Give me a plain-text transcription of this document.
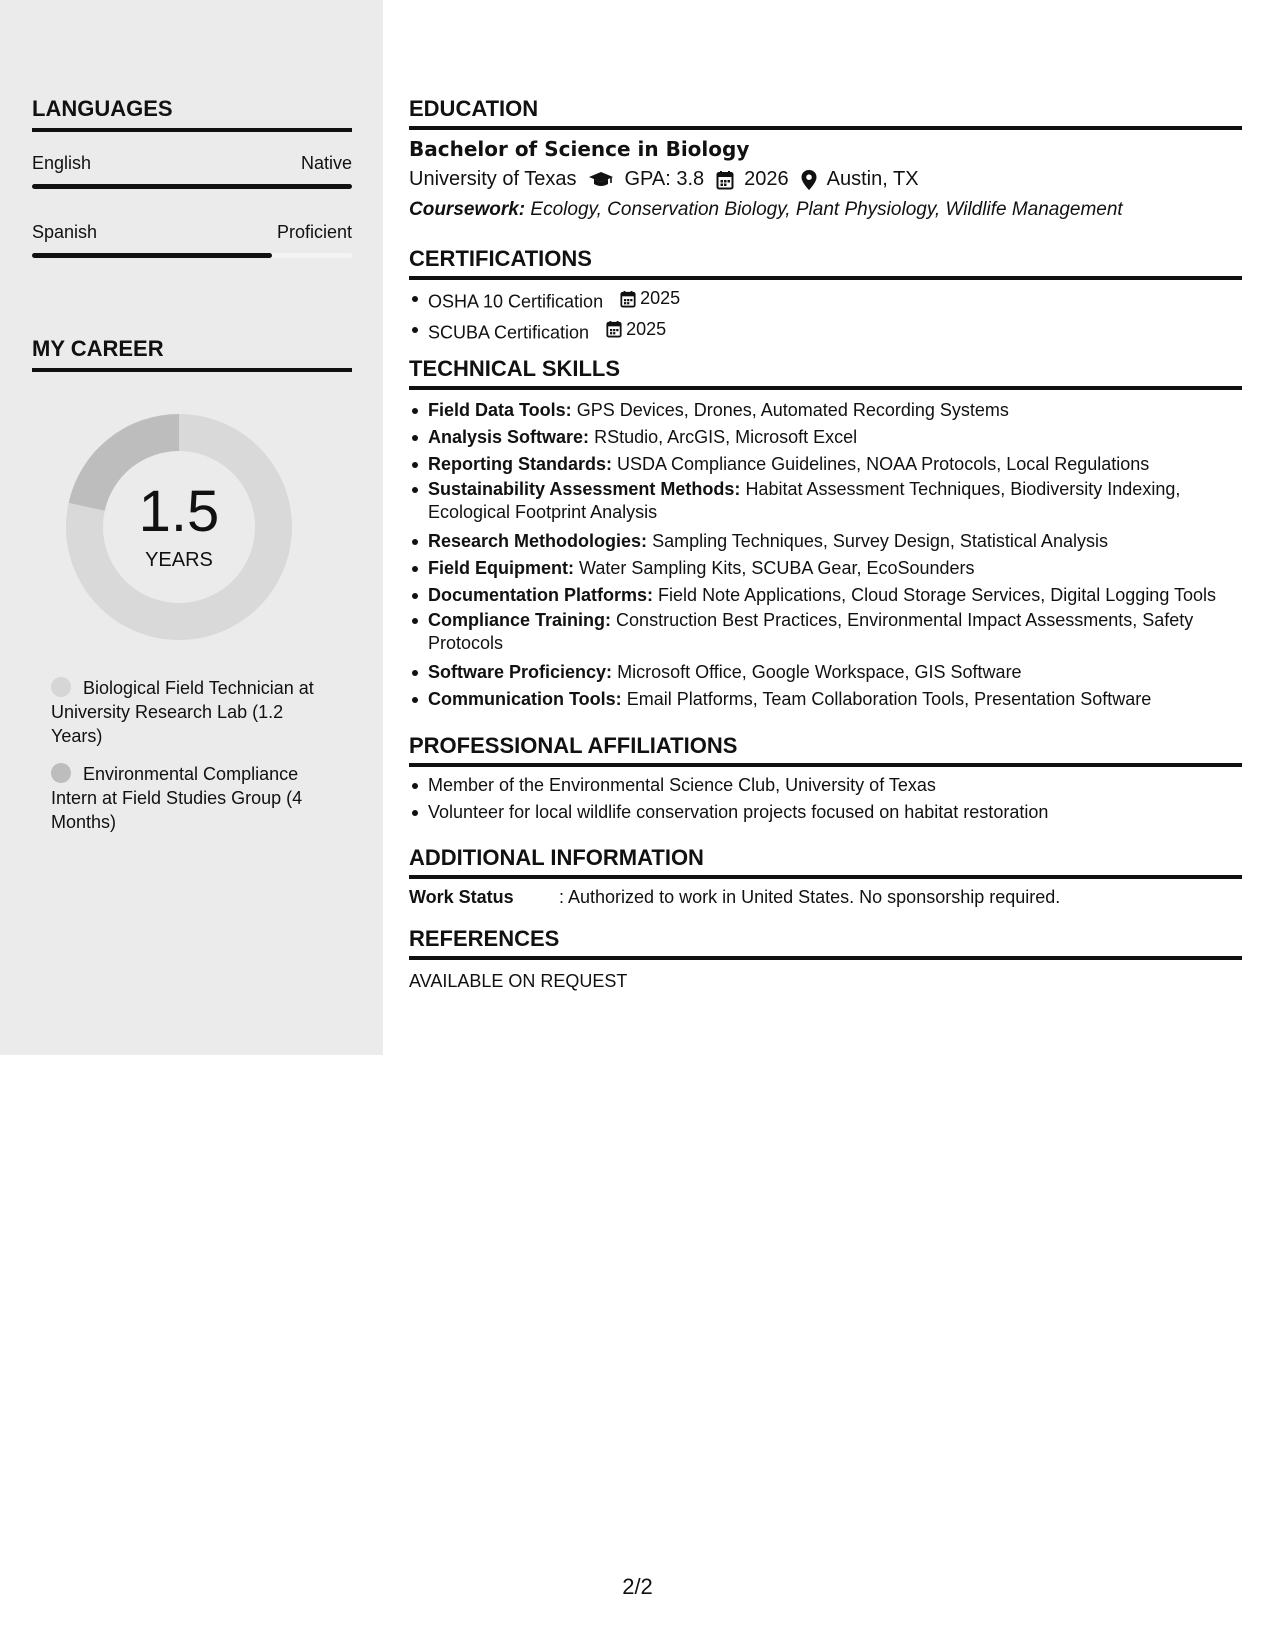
LANGUAGES
English	Native
Spanish	Proficient
MY CAREER
1.5
YEARS
Biological Field Technician at University Research Lab (1.2 Years)
Environmental Compliance Intern at Field Studies Group (4 Months)
EDUCATION
Bachelor of Science in Biology
University of Texas GPA: 3.8 2026 Austin, TX
Coursework: Ecology, Conservation Biology, Plant Physiology, Wildlife Management
CERTIFICATIONS
OSHA 10 Certification 2025
SCUBA Certification 2025
TECHNICAL SKILLS
Field Data Tools: GPS Devices, Drones, Automated Recording Systems
Analysis Software: RStudio, ArcGIS, Microsoft Excel
Reporting Standards: USDA Compliance Guidelines, NOAA Protocols, Local Regulations
Sustainability Assessment Methods: Habitat Assessment Techniques, Biodiversity Indexing, Ecological Footprint Analysis
Research Methodologies: Sampling Techniques, Survey Design, Statistical Analysis
Field Equipment: Water Sampling Kits, SCUBA Gear, EcoSounders
Documentation Platforms: Field Note Applications, Cloud Storage Services, Digital Logging Tools
Compliance Training: Construction Best Practices, Environmental Impact Assessments, Safety Protocols
Software Proficiency: Microsoft Office, Google Workspace, GIS Software
Communication Tools: Email Platforms, Team Collaboration Tools, Presentation Software
PROFESSIONAL AFFILIATIONS
Member of the Environmental Science Club, University of Texas
Volunteer for local wildlife conservation projects focused on habitat restoration
ADDITIONAL INFORMATION
Work Status	: Authorized to work in United States. No sponsorship required.
REFERENCES
AVAILABLE ON REQUEST
2/2
